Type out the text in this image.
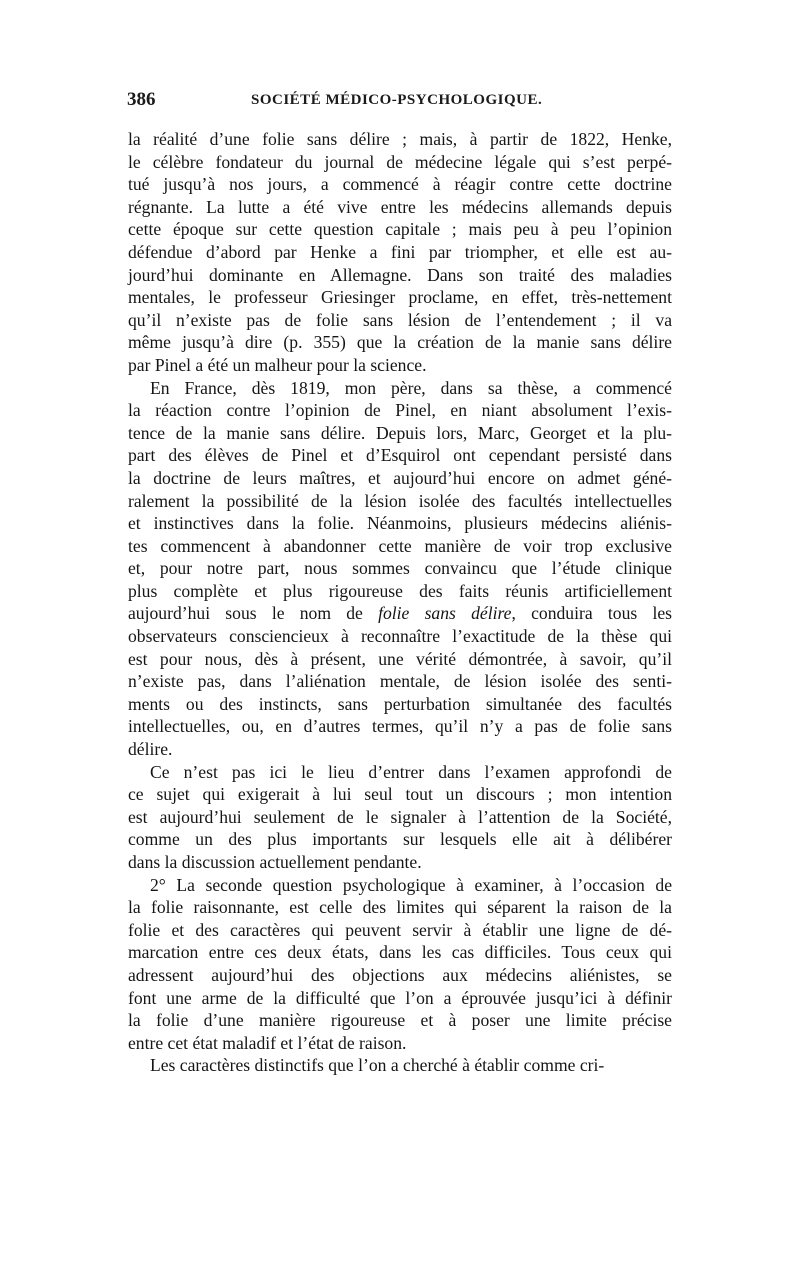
386	SOCIÉTÉ MÉDICO-PSYCHOLOGIQUE.
la réalité d’une folie sans délire ; mais, à partir de 1822, Henke,
le célèbre fondateur du journal de médecine légale qui s’est perpé-
tué jusqu’à nos jours, a commencé à réagir contre cette doctrine
régnante. La lutte a été vive entre les médecins allemands depuis
cette époque sur cette question capitale ; mais peu à peu l’opinion
défendue d’abord par Henke a fini par triompher, et elle est au-
jourd’hui dominante en Allemagne. Dans son traité des maladies
mentales, le professeur Griesinger proclame, en effet, très-nettement
qu’il n’existe pas de folie sans lésion de l’entendement ; il va
même jusqu’à dire (p. 355) que la création de la manie sans délire
par Pinel a été un malheur pour la science.
En France, dès 1819, mon père, dans sa thèse, a commencé
la réaction contre l’opinion de Pinel, en niant absolument l’exis-
tence de la manie sans délire. Depuis lors, Marc, Georget et la plu-
part des élèves de Pinel et d’Esquirol ont cependant persisté dans
la doctrine de leurs maîtres, et aujourd’hui encore on admet géné-
ralement la possibilité de la lésion isolée des facultés intellectuelles
et instinctives dans la folie. Néanmoins, plusieurs médecins aliénis-
tes commencent à abandonner cette manière de voir trop exclusive
et, pour notre part, nous sommes convaincu que l’étude clinique
plus complète et plus rigoureuse des faits réunis artificiellement
aujourd’hui sous le nom de folie sans délire, conduira tous les
observateurs consciencieux à reconnaître l’exactitude de la thèse qui
est pour nous, dès à présent, une vérité démontrée, à savoir, qu’il
n’existe pas, dans l’aliénation mentale, de lésion isolée des senti-
ments ou des instincts, sans perturbation simultanée des facultés
intellectuelles, ou, en d’autres termes, qu’il n’y a pas de folie sans
délire.
Ce n’est pas ici le lieu d’entrer dans l’examen approfondi de
ce sujet qui exigerait à lui seul tout un discours ; mon intention
est aujourd’hui seulement de le signaler à l’attention de la Société,
comme un des plus importants sur lesquels elle ait à délibérer
dans la discussion actuellement pendante.
2° La seconde question psychologique à examiner, à l’occasion de
la folie raisonnante, est celle des limites qui séparent la raison de la
folie et des caractères qui peuvent servir à établir une ligne de dé-
marcation entre ces deux états, dans les cas difficiles. Tous ceux qui
adressent aujourd’hui des objections aux médecins aliénistes, se
font une arme de la difficulté que l’on a éprouvée jusqu’ici à définir
la folie d’une manière rigoureuse et à poser une limite précise
entre cet état maladif et l’état de raison.
Les caractères distinctifs que l’on a cherché à établir comme cri-
